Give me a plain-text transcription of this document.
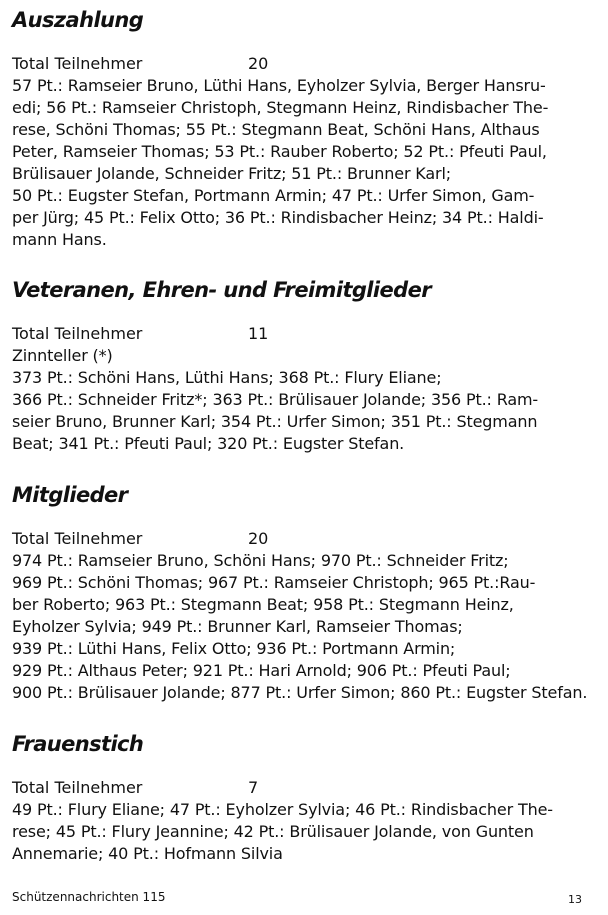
Auszahlung
Total Teilnehmer	20
57 Pt.: Ramseier Bruno, Lüthi Hans, Eyholzer Sylvia, Berger Hansru-
edi; 56 Pt.: Ramseier Christoph, Stegmann Heinz, Rindisbacher The-
rese, Schöni Thomas; 55 Pt.: Stegmann Beat, Schöni Hans, Althaus
Peter, Ramseier Thomas; 53 Pt.: Rauber Roberto; 52 Pt.: Pfeuti Paul,
Brülisauer Jolande, Schneider Fritz; 51 Pt.: Brunner Karl;
50 Pt.: Eugster Stefan, Portmann Armin; 47 Pt.: Urfer Simon, Gam-
per Jürg; 45 Pt.: Felix Otto; 36 Pt.: Rindisbacher Heinz; 34 Pt.: Haldi-
mann Hans.
Veteranen, Ehren- und Freimitglieder
Total Teilnehmer	11
Zinnteller (*)
373 Pt.: Schöni Hans, Lüthi Hans; 368 Pt.: Flury Eliane;
366 Pt.: Schneider Fritz*; 363 Pt.: Brülisauer Jolande; 356 Pt.: Ram-
seier Bruno, Brunner Karl; 354 Pt.: Urfer Simon; 351 Pt.: Stegmann
Beat; 341 Pt.: Pfeuti Paul; 320 Pt.: Eugster Stefan.
Mitglieder
Total Teilnehmer	20
974 Pt.: Ramseier Bruno, Schöni Hans; 970 Pt.: Schneider Fritz;
969 Pt.: Schöni Thomas; 967 Pt.: Ramseier Christoph; 965 Pt.:Rau-
ber Roberto; 963 Pt.: Stegmann Beat; 958 Pt.: Stegmann Heinz,
Eyholzer Sylvia; 949 Pt.: Brunner Karl, Ramseier Thomas;
939 Pt.: Lüthi Hans, Felix Otto; 936 Pt.: Portmann Armin;
929 Pt.: Althaus Peter; 921 Pt.: Hari Arnold; 906 Pt.: Pfeuti Paul;
900 Pt.: Brülisauer Jolande; 877 Pt.: Urfer Simon; 860 Pt.: Eugster Stefan.
Frauenstich
Total Teilnehmer	7
49 Pt.: Flury Eliane; 47 Pt.: Eyholzer Sylvia; 46 Pt.: Rindisbacher The-
rese; 45 Pt.: Flury Jeannine; 42 Pt.: Brülisauer Jolande, von Gunten
Annemarie; 40 Pt.: Hofmann Silvia
Schützennachrichten 115	13
